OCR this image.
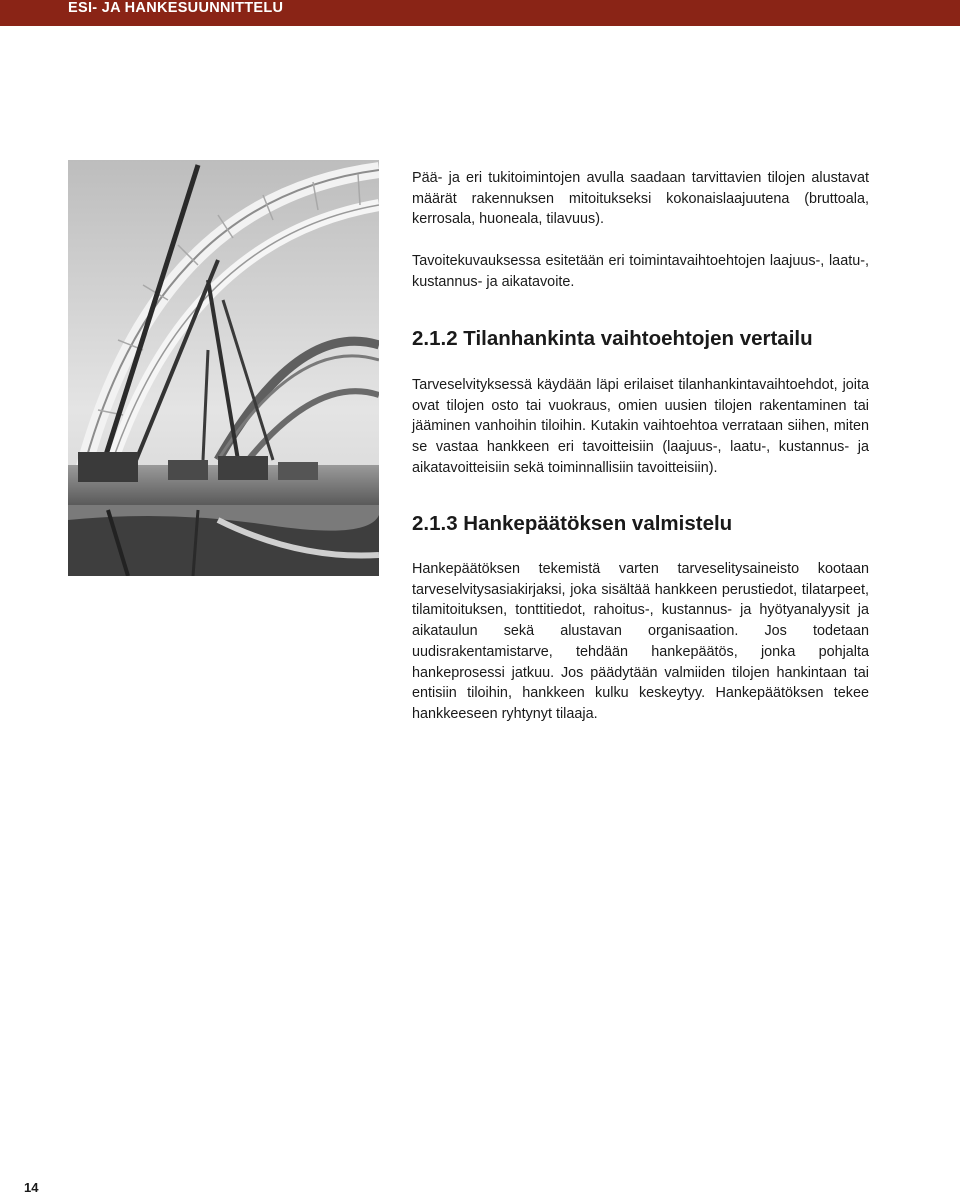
ESI- JA HANKESUUNNITTELU

Pää- ja eri tukitoimintojen avulla saadaan tarvittavien tilojen alustavat määrät rakennuksen mitoitukseksi kokonaislaajuutena (bruttoala, kerrosala, huoneala, tilavuus).

Tavoitekuvauksessa esitetään eri toimintavaihtoehtojen laajuus-, laatu-, kustannus- ja aikatavoite.

2.1.2 Tilanhankinta vaihtoehtojen vertailu

Tarveselvityksessä käydään läpi erilaiset tilanhankintavaihtoehdot, joita ovat tilojen osto tai vuokraus, omien uusien tilojen rakentaminen tai jääminen vanhoihin tiloihin. Kutakin vaihtoehtoa verrataan siihen, miten se vastaa hankkeen eri tavoitteisiin (laajuus-, laatu-, kustannus- ja aikatavoitteisiin sekä toiminnallisiin tavoitteisiin).

2.1.3 Hankepäätöksen valmistelu

Hankepäätöksen tekemistä varten tarveselitysaineisto kootaan tarveselvitysasiakirjaksi, joka sisältää hankkeen perustiedot, tilatarpeet, tilamitoituksen, tonttitiedot, rahoitus-, kustannus- ja hyötyanalyysit ja aikataulun sekä alustavan organisaation. Jos todetaan uudisrakentamistarve, tehdään hankepäätös, jonka pohjalta hankeprosessi jatkuu. Jos päädytään valmiiden tilojen hankintaan tai entisiin tiloihin, hankkeen kulku keskeytyy. Hankepäätöksen tekee hankkeeseen ryhtynyt tilaaja.

14
